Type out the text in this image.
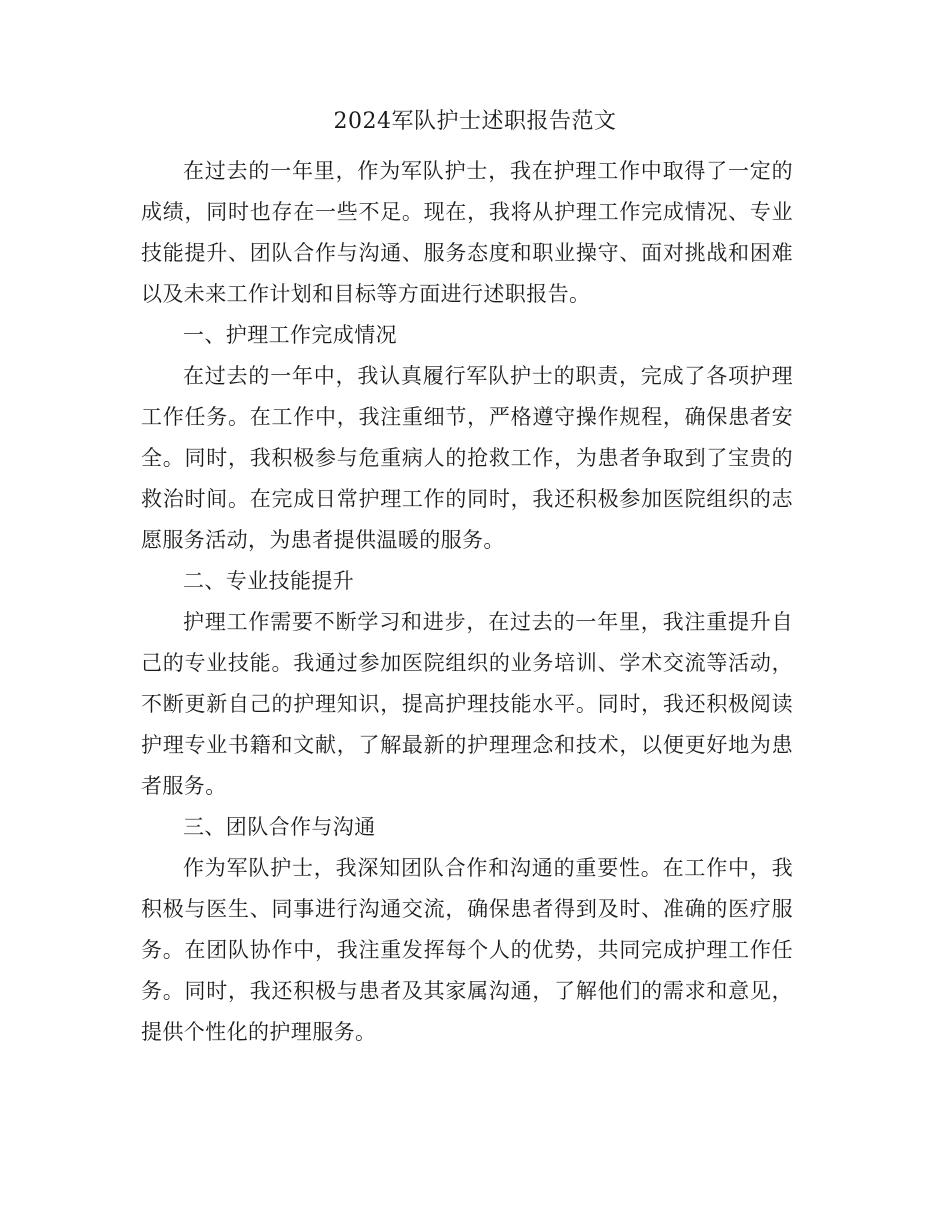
2024军队护士述职报告范文

在过去的一年里，作为军队护士，我在护理工作中取得了一定的成绩，同时也存在一些不足。现在，我将从护理工作完成情况、专业技能提升、团队合作与沟通、服务态度和职业操守、面对挑战和困难以及未来工作计划和目标等方面进行述职报告。

一、护理工作完成情况

在过去的一年中，我认真履行军队护士的职责，完成了各项护理工作任务。在工作中，我注重细节，严格遵守操作规程，确保患者安全。同时，我积极参与危重病人的抢救工作，为患者争取到了宝贵的救治时间。在完成日常护理工作的同时，我还积极参加医院组织的志愿服务活动，为患者提供温暖的服务。

二、专业技能提升

护理工作需要不断学习和进步，在过去的一年里，我注重提升自己的专业技能。我通过参加医院组织的业务培训、学术交流等活动，不断更新自己的护理知识，提高护理技能水平。同时，我还积极阅读护理专业书籍和文献，了解最新的护理理念和技术，以便更好地为患者服务。

三、团队合作与沟通

作为军队护士，我深知团队合作和沟通的重要性。在工作中，我积极与医生、同事进行沟通交流，确保患者得到及时、准确的医疗服务。在团队协作中，我注重发挥每个人的优势，共同完成护理工作任务。同时，我还积极与患者及其家属沟通，了解他们的需求和意见，提供个性化的护理服务。
